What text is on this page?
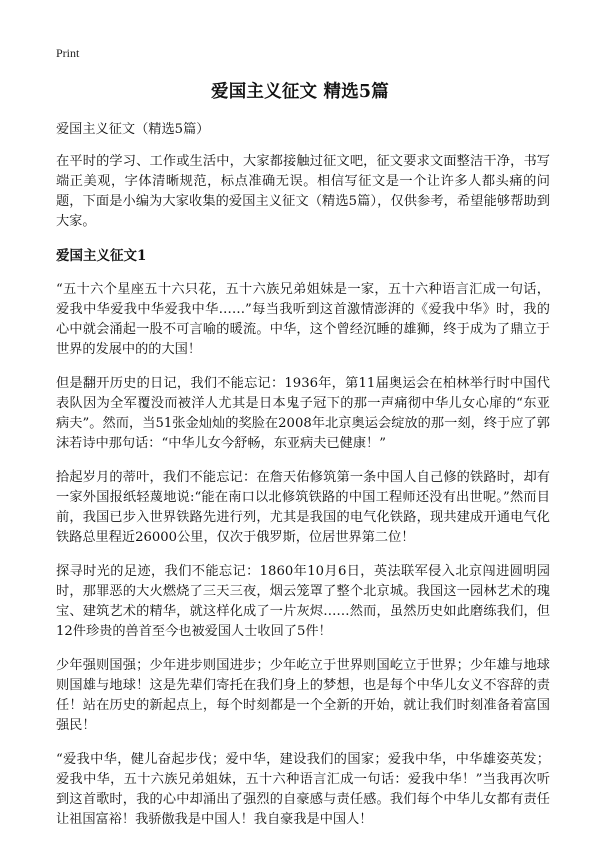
Print
爱国主义征文 精选5篇

爱国主义征文（精选5篇）

在平时的学习、工作或生活中，大家都接触过征文吧，征文要求文面整洁干净，书写端正美观，字体清晰规范，标点准确无误。相信写征文是一个让许多人都头痛的问题，下面是小编为大家收集的爱国主义征文（精选5篇），仅供参考，希望能够帮助到大家。

爱国主义征文1

“五十六个星座五十六只花，五十六族兄弟姐妹是一家，五十六种语言汇成一句话，爱我中华爱我中华爱我中华……”每当我听到这首激情澎湃的《爱我中华》时，我的心中就会涌起一股不可言喻的暖流。中华，这个曾经沉睡的雄狮，终于成为了鼎立于世界的发展中的的大国！

但是翻开历史的日记，我们不能忘记：1936年，第11届奥运会在柏林举行时中国代表队因为全军覆没而被洋人尤其是日本鬼子冠下的那一声痛彻中华儿女心扉的“东亚病夫”。然而，当51张金灿灿的奖脸在2008年北京奥运会绽放的那一刻，终于应了郭沫若诗中那句话：“中华儿女今舒畅，东亚病夫已健康！”

拾起岁月的蒂叶，我们不能忘记：在詹天佑修筑第一条中国人自己修的铁路时，却有一家外国报纸轻蔑地说:“能在南口以北修筑铁路的中国工程师还没有出世呢。”然而目前，我国已步入世界铁路先进行列，尤其是我国的电气化铁路，现共建成开通电气化铁路总里程近26000公里，仅次于俄罗斯，位居世界第二位！

探寻时光的足迹，我们不能忘记：1860年10月6日，英法联军侵入北京闯进圆明园时，那罪恶的大火燃烧了三天三夜，烟云笼罩了整个北京城。我国这一园林艺术的瑰宝、建筑艺术的精华，就这样化成了一片灰烬……然而，虽然历史如此磨练我们，但12件珍贵的兽首至今也被爱国人士收回了5件！

少年强则国强；少年进步则国进步；少年屹立于世界则国屹立于世界；少年雄与地球则国雄与地球！这是先辈们寄托在我们身上的梦想，也是每个中华儿女义不容辞的责任！站在历史的新起点上，每个时刻都是一个全新的开始，就让我们时刻准备着富国强民！

“爱我中华，健儿奋起步伐；爱中华，建设我们的国家；爱我中华，中华雄姿英发；爱我中华，五十六族兄弟姐妹，五十六种语言汇成一句话：爱我中华！”当我再次听到这首歌时，我的心中却涌出了强烈的自豪感与责任感。我们每个中华儿女都有责任让祖国富裕！我骄傲我是中国人！我自豪我是中国人！
